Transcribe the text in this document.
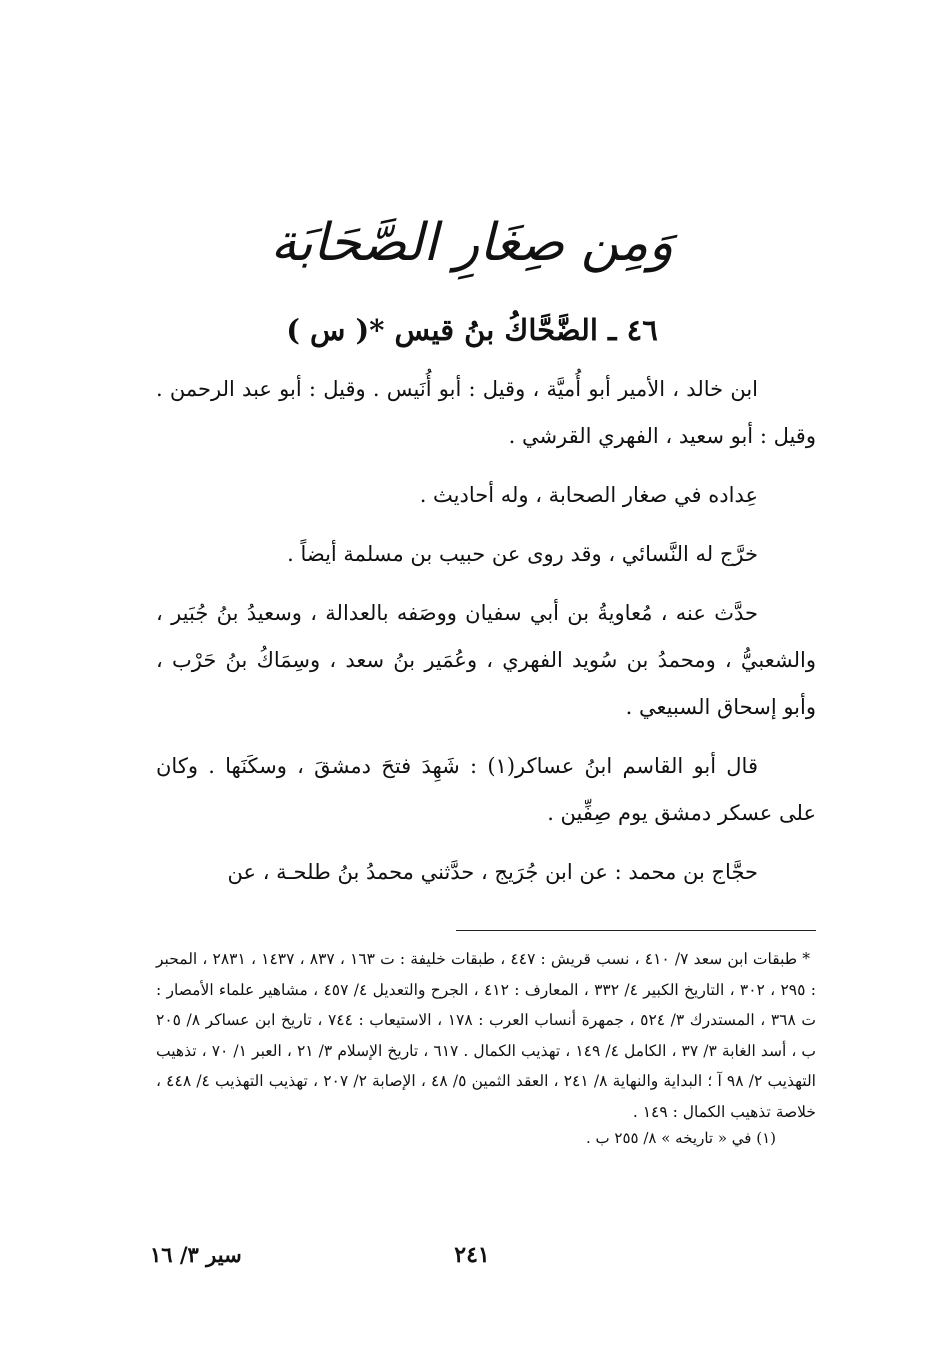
وَمِن صِغَارِ الصَّحَابَة
٤٦ ـ الضَّحَّاكُ بنُ قيس *( س )

ابن خالد ، الأمير أبو أُميَّة ، وقيل : أبو أُنَيس . وقيل : أبو عبد الرحمن . وقيل : أبو سعيد ، الفهري القرشي .

عِداده في صغار الصحابة ، وله أحاديث .

خرَّج له النَّسائي ، وقد روى عن حبيب بن مسلمة أيضاً .

حدَّث عنه ، مُعاويةُ بن أبي سفيان ووصَفه بالعدالة ، وسعيدُ بنُ جُبَير ، والشعبيُّ ، ومحمدُ بن سُويد الفهري ، وعُمَير بنُ سعد ، وسِمَاكُ بنُ حَرْب ، وأبو إسحاق السبيعي .

قال أبو القاسم ابنُ عساكر(١) : شَهِدَ فتحَ دمشقَ ، وسكَنَها . وكان على عسكر دمشق يوم صِفِّين .

حجَّاج بن محمد : عن ابن جُرَيج ، حدَّثني محمدُ بنُ طلحـة ، عن

* طبقات ابن سعد ٧/ ٤١٠ ، نسب قريش : ٤٤٧ ، طبقات خليفة : ت ١٦٣ ، ٨٣٧ ، ١٤٣٧ ، ٢٨٣١ ، المحبر : ٢٩٥ ، ٣٠٢ ، التاريخ الكبير ٤/ ٣٣٢ ، المعارف : ٤١٢ ، الجرح والتعديل ٤/ ٤٥٧ ، مشاهير علماء الأمصار : ت ٣٦٨ ، المستدرك ٣/ ٥٢٤ ، جمهرة أنساب العرب : ١٧٨ ، الاستيعاب : ٧٤٤ ، تاريخ ابن عساكر ٨/ ٢٠٥ ب ، أسد الغابة ٣/ ٣٧ ، الكامل ٤/ ١٤٩ ، تهذيب الكمال . ٦١٧ ، تاريخ الإسلام ٣/ ٢١ ، العبر ١/ ٧٠ ، تذهيب التهذيب ٢/ ٩٨ آ ؛ البداية والنهاية ٨/ ٢٤١ ، العقد الثمين ٥/ ٤٨ ، الإصابة ٢/ ٢٠٧ ، تهذيب التهذيب ٤/ ٤٤٨ ، خلاصة تذهيب الكمال : ١٤٩ .

(١) في « تاريخه » ٨/ ٢٥٥ ب .

٢٤١
سير ٣/ ١٦
